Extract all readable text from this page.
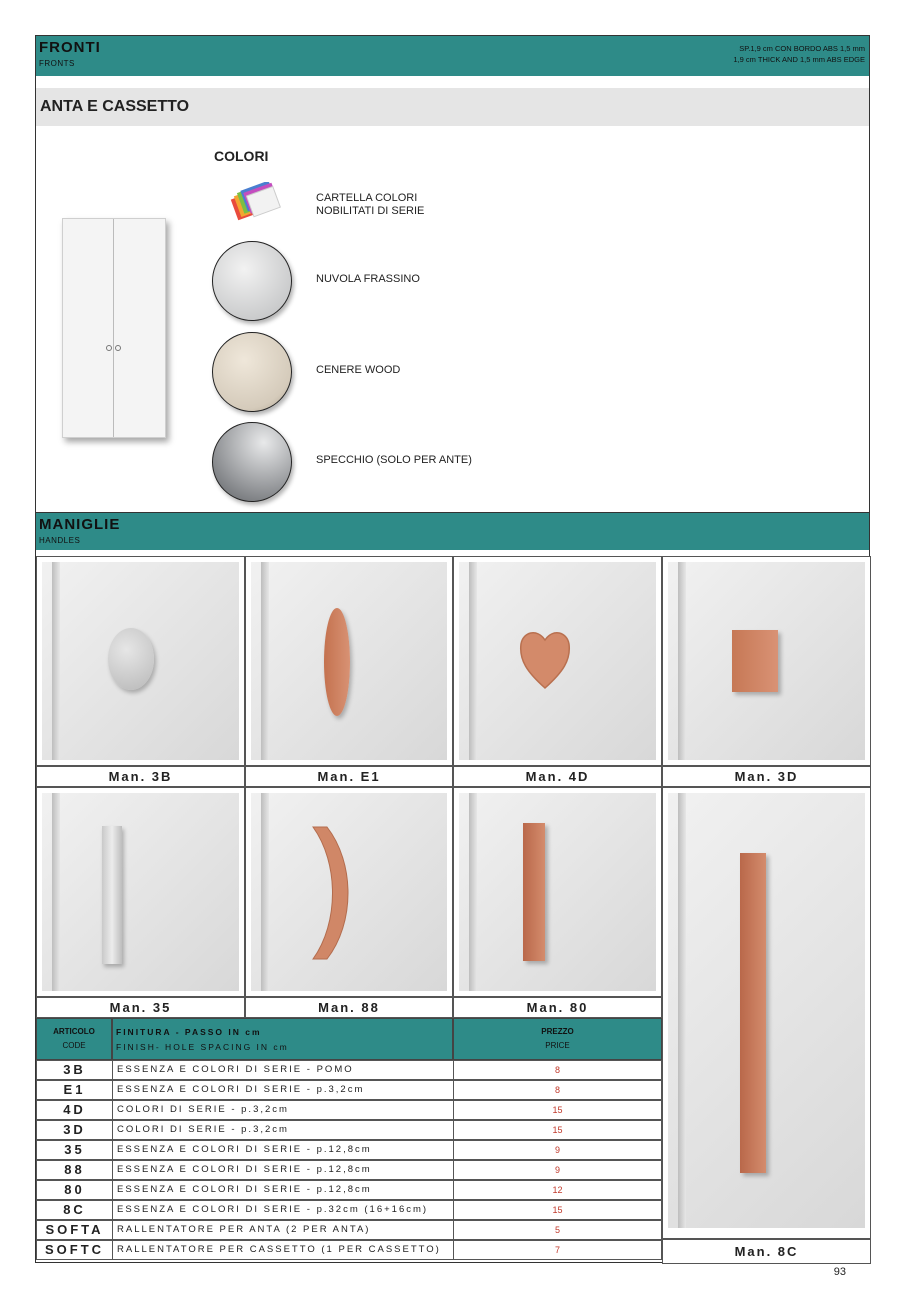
FRONTI
FRONTS
SP.1,9 cm CON BORDO ABS 1,5 mm
1,9 cm THICK AND 1,5 mm ABS EDGE
ANTA E CASSETTO
COLORI
CARTELLA COLORI
NOBILITATI DI SERIE
NUVOLA FRASSINO
CENERE WOOD
SPECCHIO (SOLO PER ANTE)
MANIGLIE
HANDLES
Man. 3B	Man. E1	Man. 4D	Man. 3D
Man. 35	Man. 88	Man. 80
Man. 8C
ARTICOLO
CODE
FINITURA - PASSO IN cm
FINISH- HOLE SPACING IN cm
PREZZO
PRICE
3B	ESSENZA E COLORI DI SERIE - POMO	8
E1	ESSENZA E COLORI DI SERIE - p.3,2cm	8
4D	COLORI DI SERIE - p.3,2cm	15
3D	COLORI DI SERIE - p.3,2cm	15
35	ESSENZA E COLORI DI SERIE - p.12,8cm	9
88	ESSENZA E COLORI DI SERIE - p.12,8cm	9
80	ESSENZA E COLORI DI SERIE - p.12,8cm	12
8C	ESSENZA E COLORI DI SERIE - p.32cm (16+16cm)	15
SOFTA	RALLENTATORE PER ANTA (2 PER ANTA)	5
SOFTC	RALLENTATORE PER CASSETTO (1 PER CASSETTO)	7
93
